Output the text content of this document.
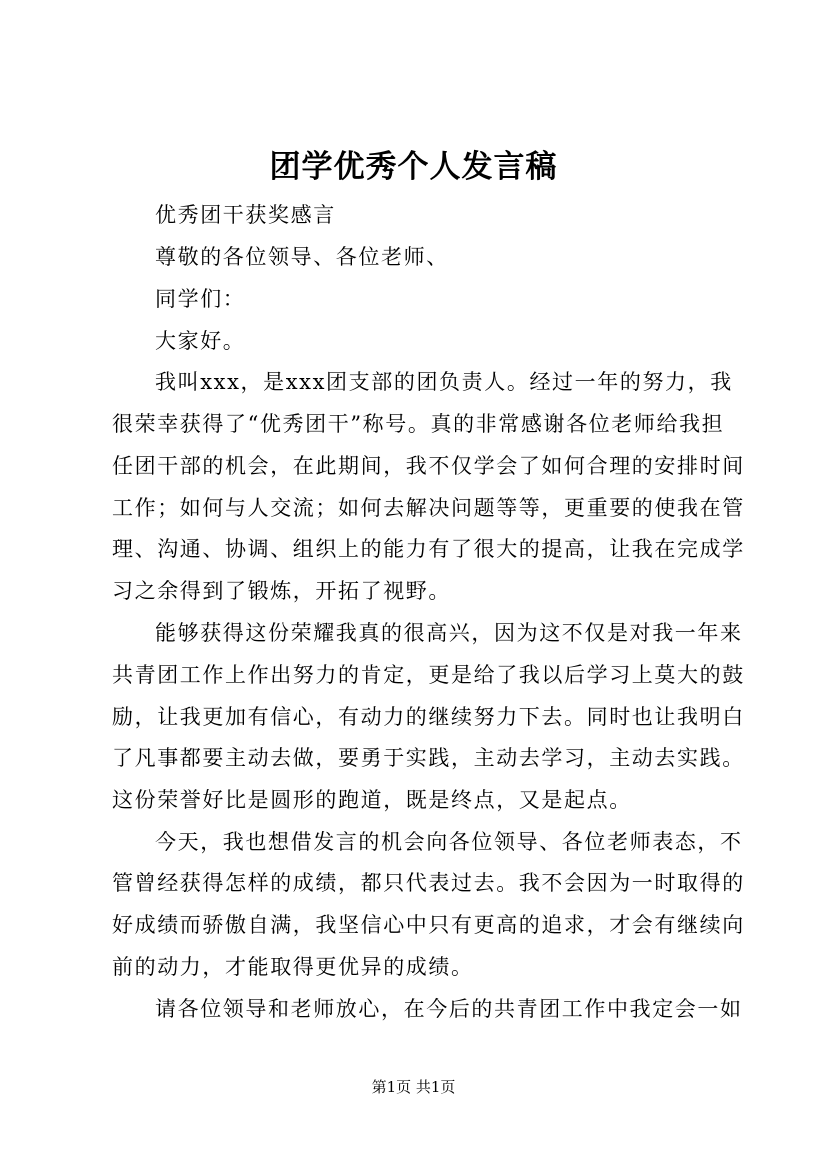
团学优秀个人发言稿
优秀团干获奖感言
尊敬的各位领导、各位老师、
同学们：
大家好。
我叫xxx，是xxx团支部的团负责人。经过一年的努力，我
很荣幸获得了“优秀团干”称号。真的非常感谢各位老师给我担
任团干部的机会，在此期间，我不仅学会了如何合理的安排时间
工作；如何与人交流；如何去解决问题等等，更重要的使我在管
理、沟通、协调、组织上的能力有了很大的提高，让我在完成学
习之余得到了锻炼，开拓了视野。
能够获得这份荣耀我真的很高兴，因为这不仅是对我一年来
共青团工作上作出努力的肯定，更是给了我以后学习上莫大的鼓
励，让我更加有信心，有动力的继续努力下去。同时也让我明白
了凡事都要主动去做，要勇于实践，主动去学习，主动去实践。
这份荣誉好比是圆形的跑道，既是终点，又是起点。
今天，我也想借发言的机会向各位领导、各位老师表态，不
管曾经获得怎样的成绩，都只代表过去。我不会因为一时取得的
好成绩而骄傲自满，我坚信心中只有更高的追求，才会有继续向
前的动力，才能取得更优异的成绩。
请各位领导和老师放心，在今后的共青团工作中我定会一如
第1页 共1页
